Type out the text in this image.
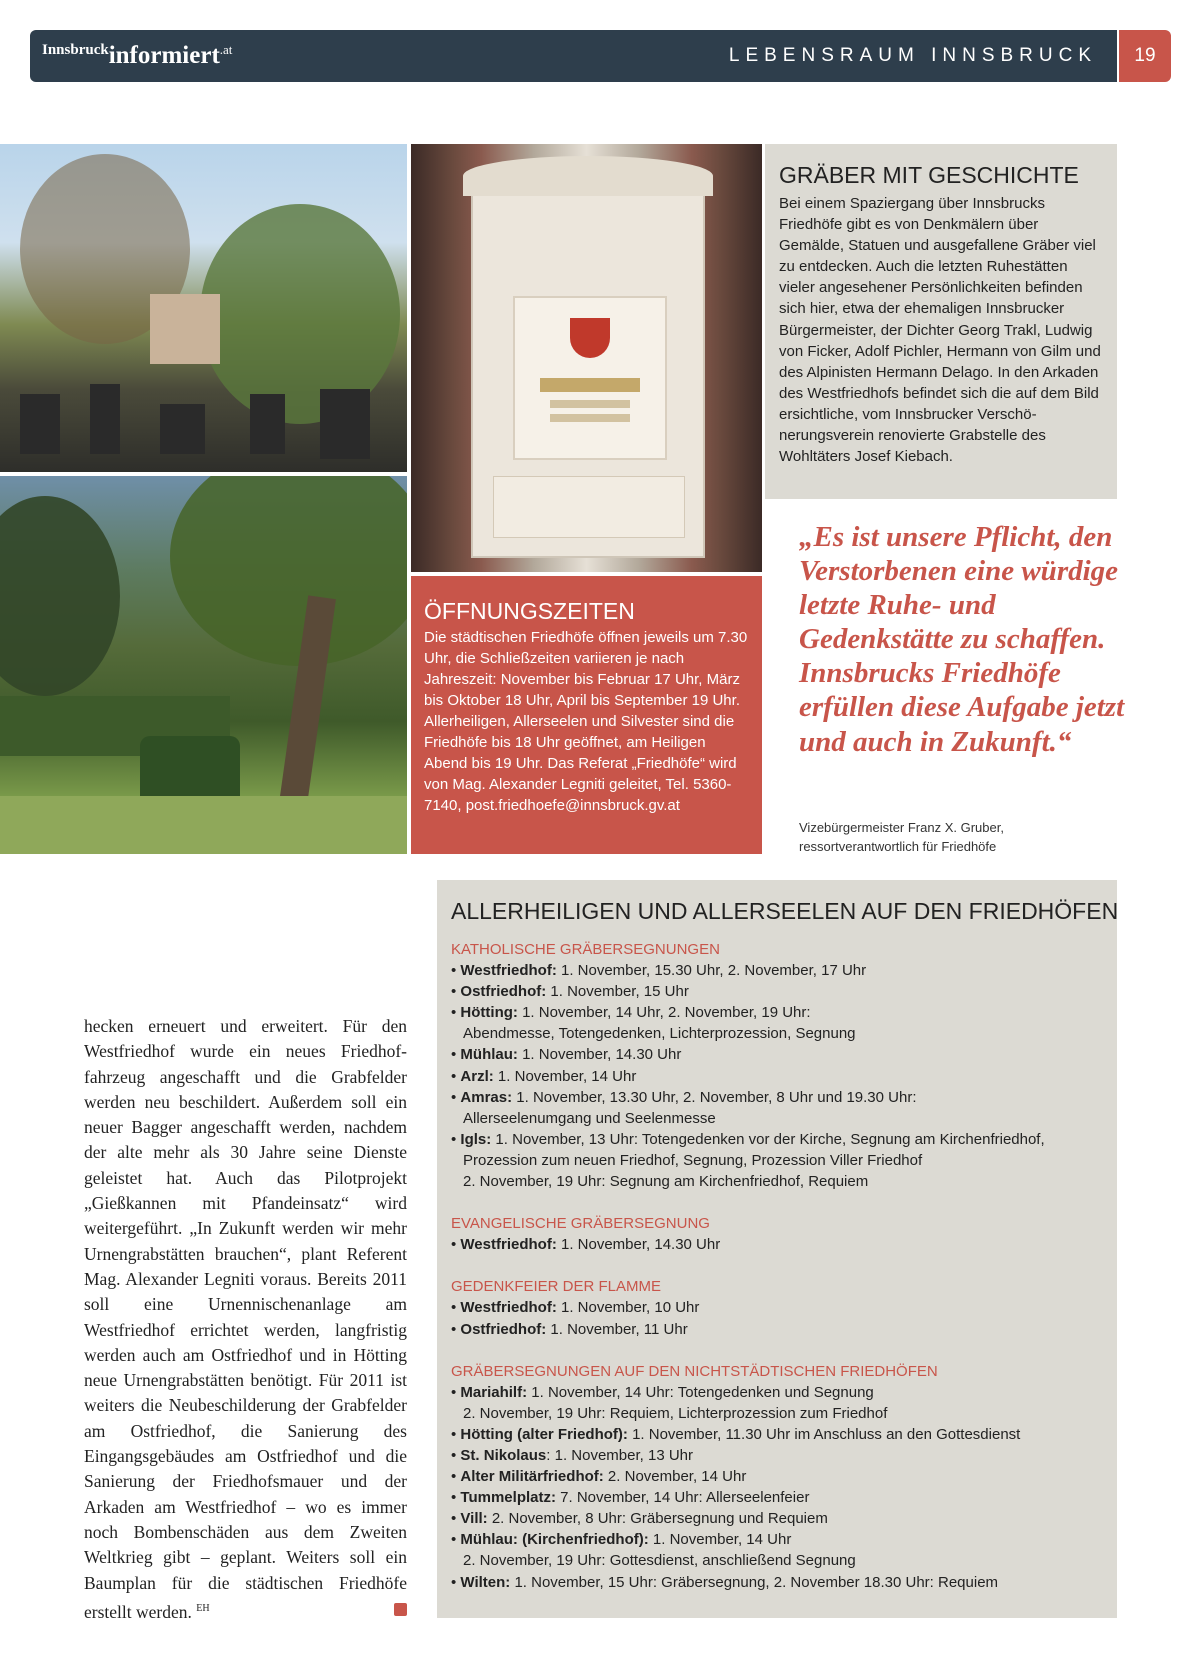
Innsbruckinformiert$^{.at}$	LEBENSRAUM INNSBRUCK	19
GRÄBER MIT GESCHICHTE

Bei einem Spaziergang über Innsbrucks Friedhöfe gibt es von Denkmälern über Gemälde, Statuen und ausgefallene Gräber viel zu entdecken. Auch die letzten Ruhestätten vieler angesehener Persönlichkeiten befinden sich hier, etwa der ehemaligen Innsbrucker Bürgermeister, der Dichter Georg Trakl, Ludwig von Ficker, Adolf Pichler, Hermann von Gilm und des Alpinisten Hermann Delago. In den Arkaden des Westfriedhofs befindet sich die auf dem Bild ersichtliche, vom Innsbrucker Verschönerungsverein renovierte Grabstelle des Wohltäters Josef Kiebach.

ÖFFNUNGSZEITEN

Die städtischen Friedhöfe öffnen jeweils um 7.30 Uhr, die Schließzeiten variieren je nach Jahreszeit: November bis Februar 17 Uhr, März bis Oktober 18 Uhr, April bis September 19 Uhr. Allerheiligen, Allerseelen und Silvester sind die Friedhöfe bis 18 Uhr geöffnet, am Heiligen Abend bis 19 Uhr. Das Referat „Friedhöfe“ wird von Mag. Alexander Legniti geleitet, Tel. 5360-7140, post.friedhoefe@innsbruck.gv.at

„Es ist unsere Pflicht, den Verstorbenen eine würdige letzte Ruhe- und Gedenkstätte zu schaffen. Innsbrucks Friedhöfe erfüllen diese Aufgabe jetzt und auch in Zukunft.“
Vizebürgermeister Franz X. Gruber,
ressortverantwortlich für Friedhöfe
hecken erneuert und erweitert. Für den Westfriedhof wurde ein neues Friedhoffahrzeug angeschafft und die Grabfelder werden neu beschildert. Außerdem soll ein neuer Bagger angeschafft werden, nachdem der alte mehr als 30 Jahre seine Dienste geleistet hat. Auch das Pilotprojekt „Gießkannen mit Pfandeinsatz“ wird weitergeführt. „In Zukunft werden wir mehr Urnengrabstätten brauchen“, plant Referent Mag. Alexander Legniti voraus. Bereits 2011 soll eine Urnennischenanlage am Westfriedhof errichtet werden, langfristig werden auch am Ostfriedhof und in Hötting neue Urnengrabstätten benötigt. Für 2011 ist weiters die Neubeschilderung der Grabfelder am Ostfriedhof, die Sanierung des Eingangsgebäudes am Ostfriedhof und die Sanierung der Friedhofsmauer und der Arkaden am Westfriedhof – wo es immer noch Bombenschäden aus dem Zweiten Weltkrieg gibt – geplant. Weiters soll ein Baumplan für die städtischen Friedhöfe erstellt werden. $^{EH}$
ALLERHEILIGEN UND ALLERSEELEN AUF DEN FRIEDHÖFEN
KATHOLISCHE GRÄBERSEGNUNGEN
• Westfriedhof: 1. November, 15.30 Uhr, 2. November, 17 Uhr
• Ostfriedhof: 1. November, 15 Uhr
• Hötting: 1. November, 14 Uhr, 2. November, 19 Uhr:
Abendmesse, Totengedenken, Lichterprozession, Segnung
• Mühlau: 1. November, 14.30 Uhr
• Arzl: 1. November, 14 Uhr
• Amras: 1. November, 13.30 Uhr, 2. November, 8 Uhr und 19.30 Uhr:
Allerseelenumgang und Seelenmesse
• Igls: 1. November, 13 Uhr: Totengedenken vor der Kirche, Segnung am Kirchenfriedhof,
Prozession zum neuen Friedhof, Segnung, Prozession Viller Friedhof
2. November, 19 Uhr: Segnung am Kirchenfriedhof, Requiem
EVANGELISCHE GRÄBERSEGNUNG
• Westfriedhof: 1. November, 14.30 Uhr
GEDENKFEIER DER FLAMME
• Westfriedhof: 1. November, 10 Uhr
• Ostfriedhof: 1. November, 11 Uhr
GRÄBERSEGNUNGEN AUF DEN NICHTSTÄDTISCHEN FRIEDHÖFEN
• Mariahilf: 1. November, 14 Uhr: Totengedenken und Segnung
2. November, 19 Uhr: Requiem, Lichterprozession zum Friedhof
• Hötting (alter Friedhof): 1. November, 11.30 Uhr im Anschluss an den Gottesdienst
• St. Nikolaus: 1. November, 13 Uhr
• Alter Militärfriedhof: 2. November, 14 Uhr
• Tummelplatz: 7. November, 14 Uhr: Allerseelenfeier
• Vill: 2. November, 8 Uhr: Gräbersegnung und Requiem
• Mühlau: (Kirchenfriedhof): 1. November, 14 Uhr
2. November, 19 Uhr: Gottesdienst, anschließend Segnung
• Wilten: 1. November, 15 Uhr: Gräbersegnung, 2. November 18.30 Uhr: Requiem
